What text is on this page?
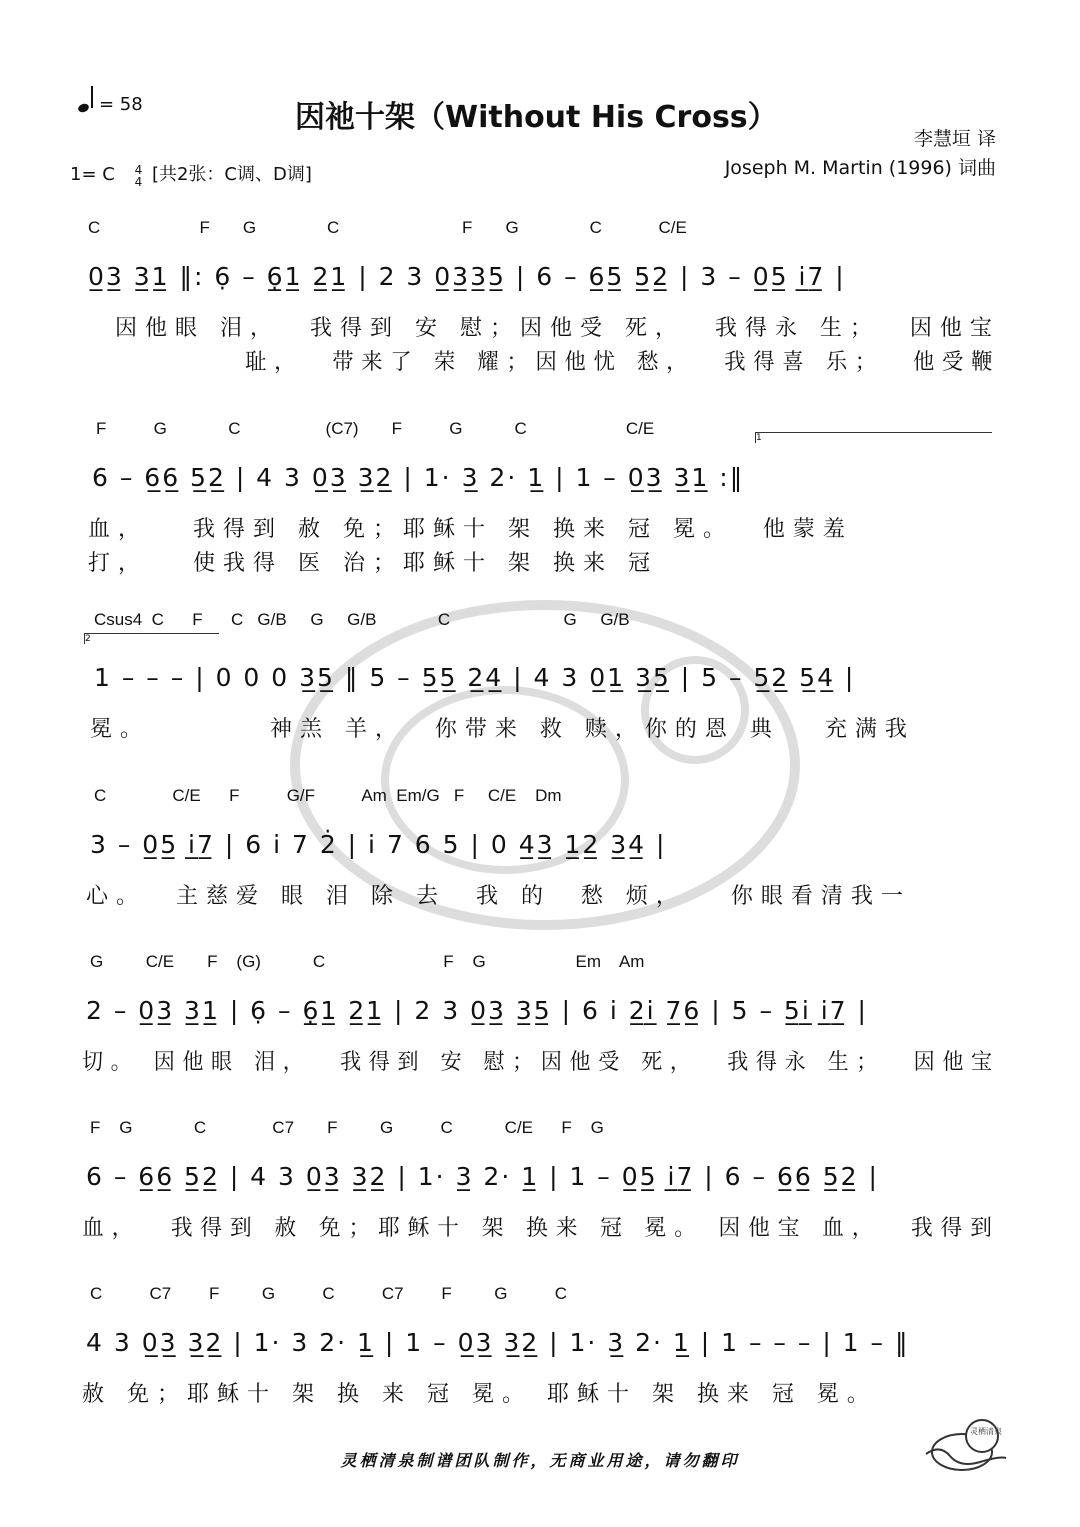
= 58	因祂十架（Without His Cross）
1= C 4
4 [共2张：C调、D调]
李慧垣 译
Joseph M. Martin (1996) 词曲
C                     F       G               C                          F       G               C            C/E
0̲3̲ 3̲1̲ ‖: 6̣ – 6̲̣1̲ 2̲1̲ | 2 3 0̲3̲3̲5̲ | 6 – 6̲5̲ 5̲2̲ | 3 – 0̲5̲ i̲7̲ |
因他眼 泪，  我得到 安 慰；因他受 死，  我得永 生；  因他宝
耻，  带来了 荣 耀；因他忧 愁，  我得喜 乐；  他受鞭
1
F          G             C                  (C7)       F          G           C                     C/E
6 – 6̲6̲ 5̲2̲ | 4 3 0̲3̲ 3̲2̲ | 1· 3̲ 2· 1̲ | 1 – 0̲3̲ 3̲1̲ :‖
血，   我得到 赦 免；耶稣十 架 换来 冠 冕。  他蒙羞
打，   使我得 医 治；耶稣十 架 换来 冠
2
Csus4  C      F      C   G/B     G     G/B             C                        G     G/B
1 – – – | 0 0 0 3̲5̲ ‖ 5 – 5̲5̲ 2̲4̲ | 4 3 0̲1̲ 3̲5̲ | 5 – 5̲2̲ 5̲4̲ |
冕。        神羔 羊，  你带来 救 赎，你的恩 典   充满我
C              C/E      F          G/F          Am  Em/G   F     C/E    Dm
3 – 0̲5̲ i̲7̲ | 6 i 7 2̇ | i 7 6 5 | 0 4̲3̲ 1̲2̲ 3̲4̲ |
心。  主慈爱 眼 泪 除 去  我 的  愁 烦，   你眼看清我一
G         C/E       F    (G)           C                         F    G                   Em    Am
2 – 0̲3̲ 3̲1̲ | 6̣ – 6̲̣1̲ 2̲1̲ | 2 3 0̲3̲ 3̲5̲ | 6 i 2̲i̲ 7̲6̲ | 5 – 5̲i̲ i̲7̲ |
切。 因他眼 泪，  我得到 安 慰；因他受 死，  我得永 生；  因他宝
F    G             C              C7       F         G          C           C/E      F    G
6 – 6̲6̲ 5̲2̲ | 4 3 0̲3̲ 3̲2̲ | 1· 3̲ 2· 1̲ | 1 – 0̲5̲ i̲7̲ | 6 – 6̲6̲ 5̲2̲ |
血，  我得到 赦 免；耶稣十 架 换来 冠 冕。 因他宝 血，  我得到
C          C7        F         G          C          C7        F         G          C
4 3 0̲3̲ 3̲2̲ | 1· 3 2· 1̲ | 1 – 0̲3̲ 3̲2̲ | 1· 3̲ 2· 1̲ | 1 – – – | 1 – ‖
赦 免；耶稣十 架 换 来 冠 冕。 耶稣十 架 换来 冠 冕。
灵栖清泉制谱团队制作，无商业用途，请勿翻印
灵栖清泉
